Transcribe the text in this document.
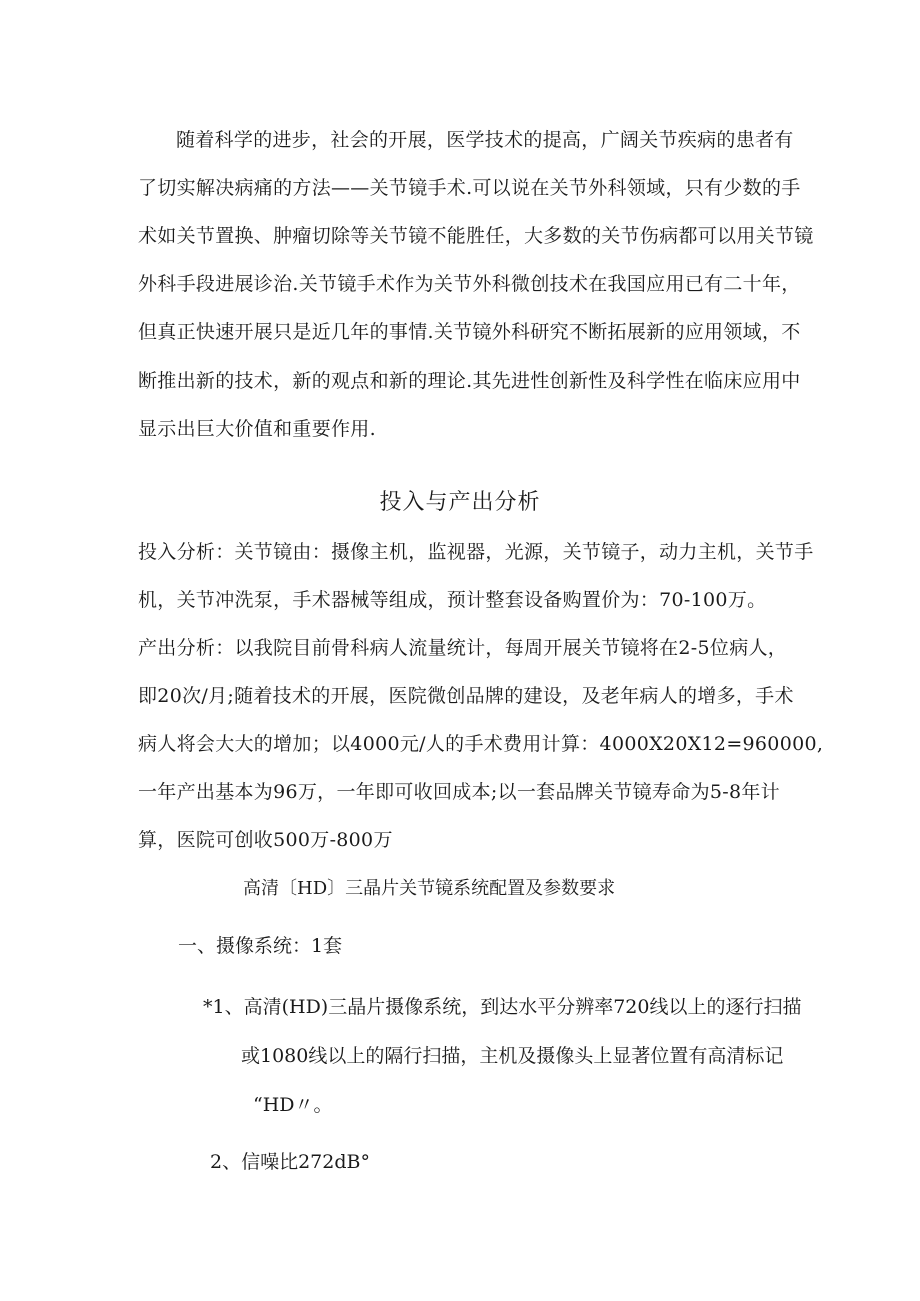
随着科学的进步，社会的开展，医学技术的提高，广阔关节疾病的患者有
了切实解决病痛的方法——关节镜手术.可以说在关节外科领域，只有少数的手
术如关节置换、肿瘤切除等关节镜不能胜任，大多数的关节伤病都可以用关节镜
外科手段进展诊治.关节镜手术作为关节外科微创技术在我国应用已有二十年，
但真正快速开展只是近几年的事情.关节镜外科研究不断拓展新的应用领域，不
断推出新的技术，新的观点和新的理论.其先进性创新性及科学性在临床应用中
显示出巨大价值和重要作用.
投入与产出分析
投入分析：关节镜由：摄像主机，监视器，光源，关节镜子，动力主机，关节手
机，关节冲洗泵，手术器械等组成，预计整套设备购置价为：70-100万。
产出分析：以我院目前骨科病人流量统计，每周开展关节镜将在2-5位病人，
即20次/月;随着技术的开展，医院微创品牌的建设，及老年病人的增多，手术
病人将会大大的增加；以4000元/人的手术费用计算：4000X20X12=960000,
一年产出基本为96万，一年即可收回成本;以一套品牌关节镜寿命为5-8年计
算，医院可创收500万-800万
高清〔HD〕三晶片关节镜系统配置及参数要求
一、摄像系统：1套
*1、高清(HD)三晶片摄像系统，到达水平分辨率720线以上的逐行扫描
或1080线以上的隔行扫描，主机及摄像头上显著位置有高清标记
“HD〃。
2、信噪比272dB°
